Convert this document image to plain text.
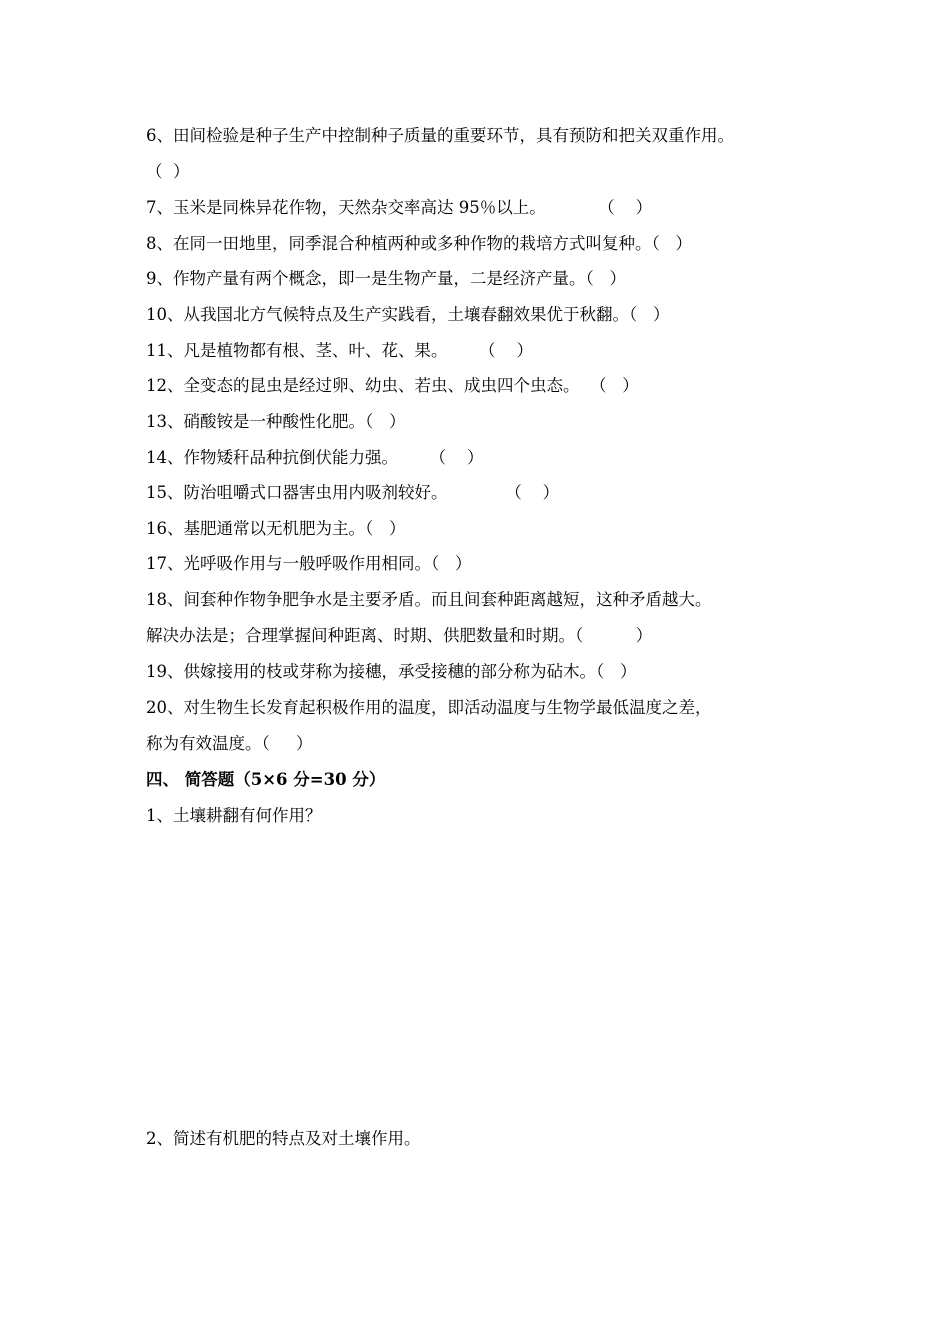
6、田间检验是种子生产中控制种子质量的重要环节，具有预防和把关双重作用。
（  ）
7、玉米是同株异花作物，天然杂交率高达 95％以上。          （    ）
8、在同一田地里，同季混合种植两种或多种作物的栽培方式叫复种。（   ）
9、作物产量有两个概念，即一是生物产量，二是经济产量。（   ）
10、从我国北方气候特点及生产实践看，土壤春翻效果优于秋翻。（   ）
11、凡是植物都有根、茎、叶、花、果。      （    ）
12、全变态的昆虫是经过卵、幼虫、若虫、成虫四个虫态。  （   ）
13、硝酸铵是一种酸性化肥。（   ）
14、作物矮秆品种抗倒伏能力强。      （    ）
15、防治咀嚼式口器害虫用内吸剂较好。           （    ）
16、基肥通常以无机肥为主。（   ）
17、光呼吸作用与一般呼吸作用相同。（   ）
18、间套种作物争肥争水是主要矛盾。而且间套种距离越短，这种矛盾越大。
解决办法是；合理掌握间种距离、时期、供肥数量和时期。（          ）
19、供嫁接用的枝或芽称为接穗，承受接穗的部分称为砧木。（   ）
20、对生物生长发育起积极作用的温度，即活动温度与生物学最低温度之差，
称为有效温度。（     ）
四、 简答题（5×6 分=30 分）
1、土壤耕翻有何作用？
2、简述有机肥的特点及对土壤作用。
